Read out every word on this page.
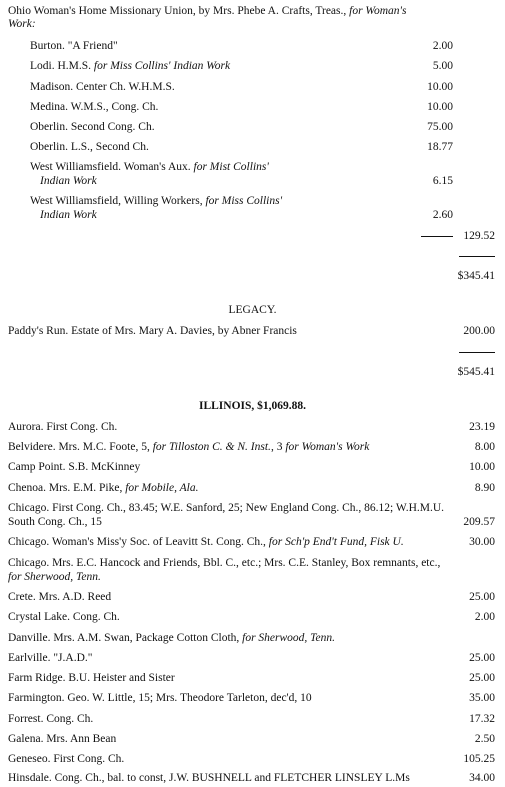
Ohio Woman's Home Missionary Union, by Mrs. Phebe A. Crafts, Treas., for Woman's
Work:
Burton. "A Friend"	2.00
Lodi. H.M.S. for Miss Collins' Indian Work	5.00
Madison. Center Ch. W.H.M.S.	10.00
Medina. W.M.S., Cong. Ch.	10.00
Oberlin. Second Cong. Ch.	75.00
Oberlin. L.S., Second Ch.	18.77
West Williamsfield. Woman's Aux. for Mist Collins'
Indian Work	6.15
West Williamsfield, Willing Workers, for Miss Collins'
Indian Work	2.60
129.52
$345.41
LEGACY.
Paddy's Run. Estate of Mrs. Mary A. Davies, by Abner Francis	200.00
$545.41
ILLINOIS, $1,069.88.
Aurora. First Cong. Ch.	23.19
Belvidere. Mrs. M.C. Foote, 5, for Tilloston C. & N. Inst., 3 for Woman's Work	8.00
Camp Point. S.B. McKinney	10.00
Chenoa. Mrs. E.M. Pike, for Mobile, Ala.	8.90
Chicago. First Cong. Ch., 83.45; W.E. Sanford, 25; New England Cong. Ch., 86.12; W.H.M.U.
South Cong. Ch., 15	209.57
Chicago. Woman's Miss'y Soc. of Leavitt St. Cong. Ch., for Sch'p End't Fund, Fisk U.	30.00
Chicago. Mrs. E.C. Hancock and Friends, Bbl. C., etc.; Mrs. C.E. Stanley, Box remnants, etc.,
for Sherwood, Tenn.
Crete. Mrs. A.D. Reed	25.00
Crystal Lake. Cong. Ch.	2.00
Danville. Mrs. A.M. Swan, Package Cotton Cloth, for Sherwood, Tenn.
Earlville. "J.A.D."	25.00
Farm Ridge. B.U. Heister and Sister	25.00
Farmington. Geo. W. Little, 15; Mrs. Theodore Tarleton, dec'd, 10	35.00
Forrest. Cong. Ch.	17.32
Galena. Mrs. Ann Bean	2.50
Geneseo. First Cong. Ch.	105.25
Hinsdale. Cong. Ch., bal. to const, J.W. BUSHNELL and FLETCHER LINSLEY L.Ms	34.00
